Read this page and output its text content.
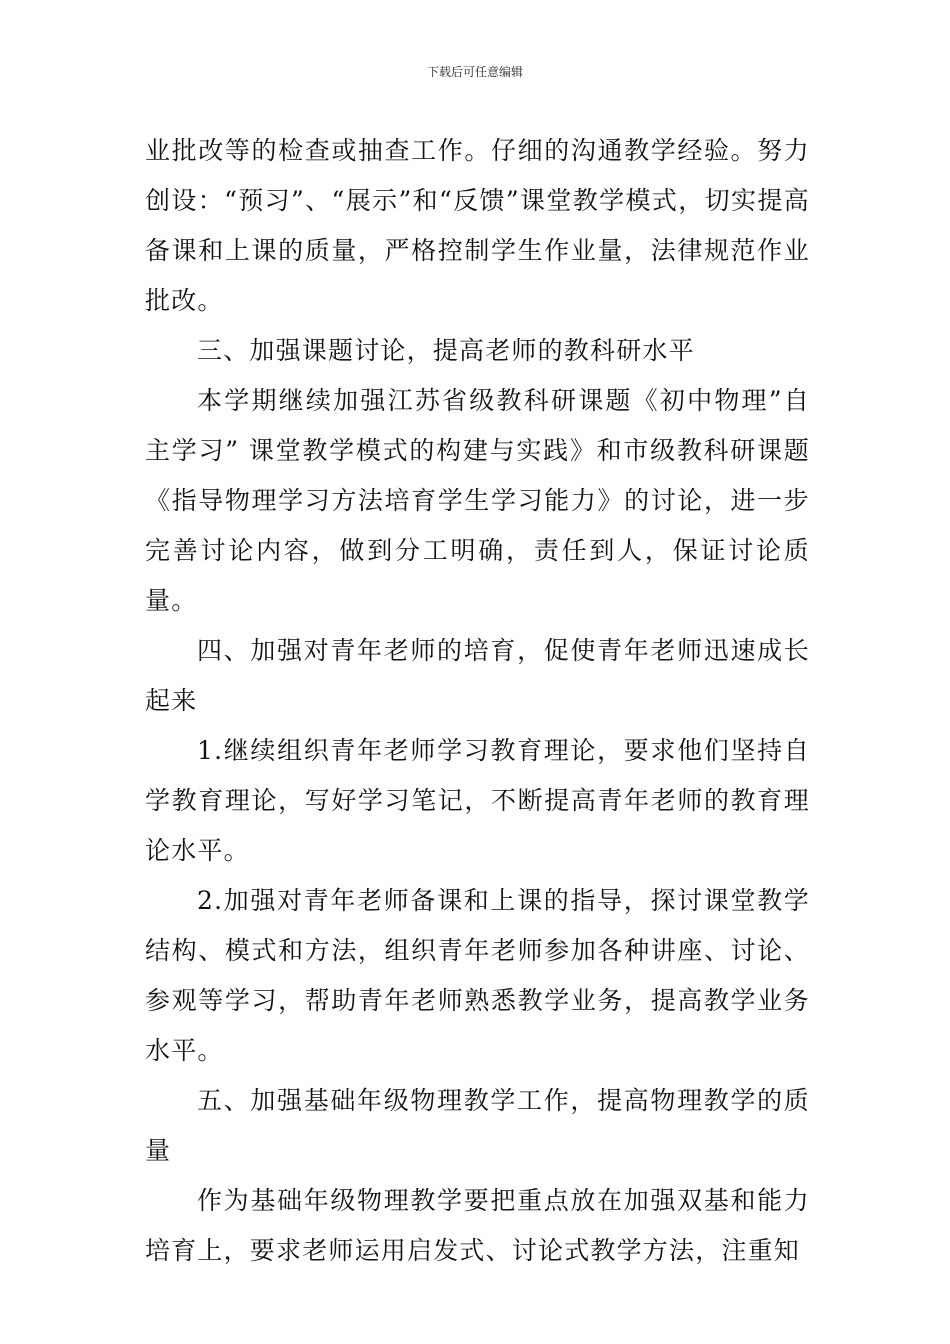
下载后可任意编辑

业批改等的检查或抽查工作。仔细的沟通教学经验。努力创设：“预习”、“展示”和“反馈”课堂教学模式，切实提高备课和上课的质量，严格控制学生作业量，法律规范作业批改。

三、加强课题讨论，提高老师的教科研水平

本学期继续加强江苏省级教科研课题《初中物理”自主学习” 课堂教学模式的构建与实践》和市级教科研课题《指导物理学习方法培育学生学习能力》的讨论，进一步完善讨论内容，做到分工明确，责任到人，保证讨论质量。

四、加强对青年老师的培育，促使青年老师迅速成长起来

1.继续组织青年老师学习教育理论，要求他们坚持自学教育理论，写好学习笔记，不断提高青年老师的教育理论水平。

2.加强对青年老师备课和上课的指导，探讨课堂教学结构、模式和方法，组织青年老师参加各种讲座、讨论、参观等学习，帮助青年老师熟悉教学业务，提高教学业务水平。

五、加强基础年级物理教学工作，提高物理教学的质量

作为基础年级物理教学要把重点放在加强双基和能力培育上，要求老师运用启发式、讨论式教学方法，注重知
